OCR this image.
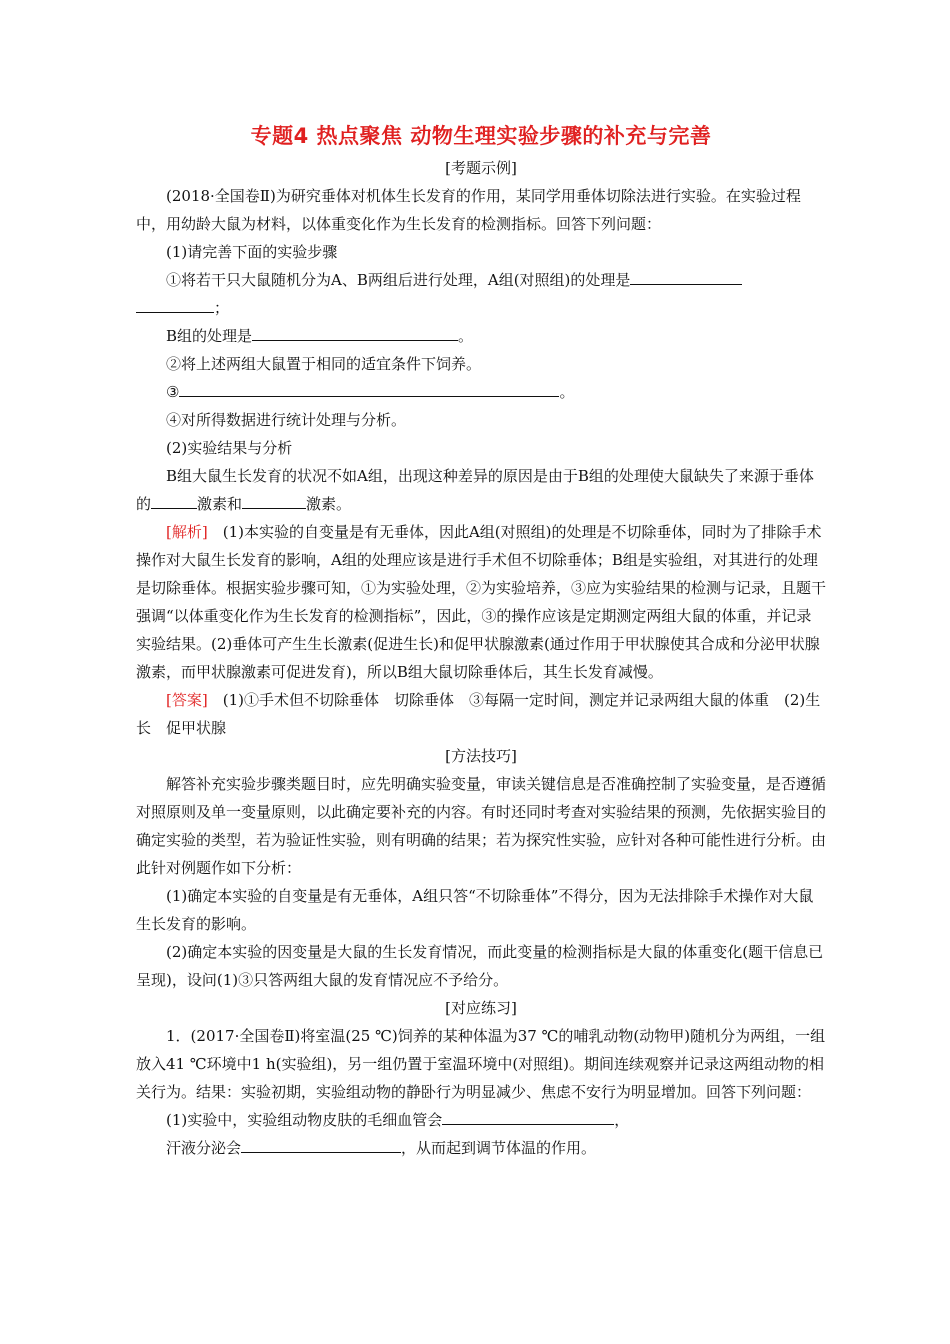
专题4 热点聚焦 动物生理实验步骤的补充与完善

[考题示例]

(2018·全国卷Ⅱ)为研究垂体对机体生长发育的作用，某同学用垂体切除法进行实验。在实验过程中，用幼龄大鼠为材料，以体重变化作为生长发育的检测指标。回答下列问题：

(1)请完善下面的实验步骤

①将若干只大鼠随机分为A、B两组后进行处理，A组(对照组)的处理是

；

B组的处理是	。

②将上述两组大鼠置于相同的适宜条件下饲养。

③	。

④对所得数据进行统计处理与分析。

(2)实验结果与分析

B组大鼠生长发育的状况不如A组，出现这种差异的原因是由于B组的处理使大鼠缺失了来源于垂体的	激素和	激素。

[解析]　(1)本实验的自变量是有无垂体，因此A组(对照组)的处理是不切除垂体，同时为了排除手术操作对大鼠生长发育的影响，A组的处理应该是进行手术但不切除垂体；B组是实验组，对其进行的处理是切除垂体。根据实验步骤可知，①为实验处理，②为实验培养，③应为实验结果的检测与记录，且题干强调“以体重变化作为生长发育的检测指标”，因此，③的操作应该是定期测定两组大鼠的体重，并记录实验结果。(2)垂体可产生生长激素(促进生长)和促甲状腺激素(通过作用于甲状腺使其合成和分泌甲状腺激素，而甲状腺激素可促进发育)，所以B组大鼠切除垂体后，其生长发育减慢。

[答案]　(1)①手术但不切除垂体　切除垂体　③每隔一定时间，测定并记录两组大鼠的体重　(2)生长　促甲状腺

[方法技巧]

解答补充实验步骤类题目时，应先明确实验变量，审读关键信息是否准确控制了实验变量，是否遵循对照原则及单一变量原则，以此确定要补充的内容。有时还同时考查对实验结果的预测，先依据实验目的确定实验的类型，若为验证性实验，则有明确的结果；若为探究性实验，应针对各种可能性进行分析。由此针对例题作如下分析：

(1)确定本实验的自变量是有无垂体，A组只答“不切除垂体”不得分，因为无法排除手术操作对大鼠生长发育的影响。

(2)确定本实验的因变量是大鼠的生长发育情况，而此变量的检测指标是大鼠的体重变化(题干信息已呈现)，设问(1)③只答两组大鼠的发育情况应不予给分。

[对应练习]

1．(2017·全国卷Ⅱ)将室温(25 ℃)饲养的某种体温为37 ℃的哺乳动物(动物甲)随机分为两组，一组放入41 ℃环境中1 h(实验组)，另一组仍置于室温环境中(对照组)。期间连续观察并记录这两组动物的相关行为。结果：实验初期，实验组动物的静卧行为明显减少、焦虑不安行为明显增加。回答下列问题：

(1)实验中，实验组动物皮肤的毛细血管会	，

汗液分泌会	，从而起到调节体温的作用。
